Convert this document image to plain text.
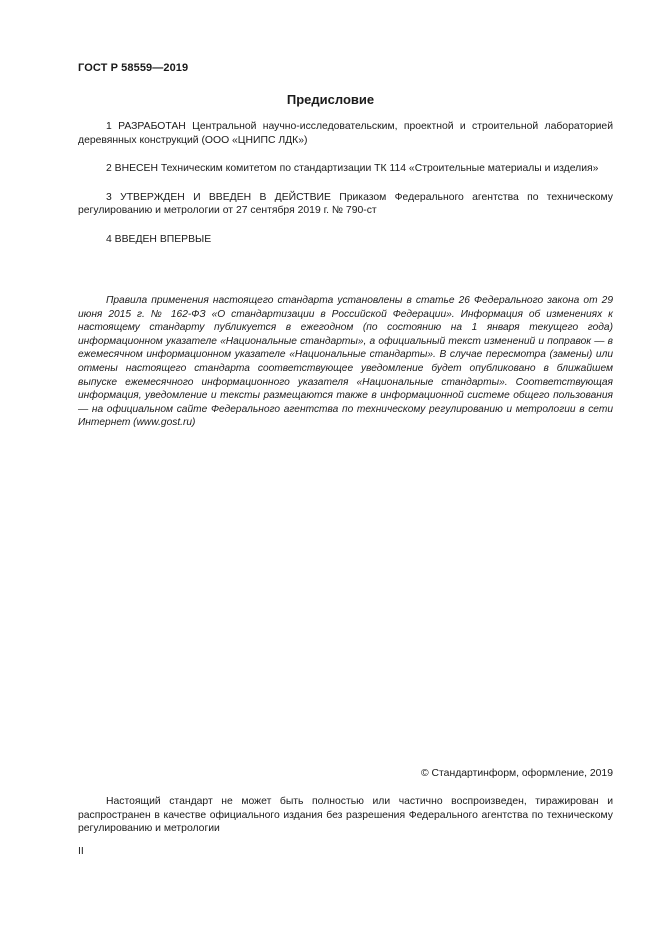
ГОСТ Р 58559—2019
Предисловие

1 РАЗРАБОТАН Центральной научно-исследовательским, проектной и строительной лабораторией деревянных конструкций (ООО «ЦНИПС ЛДК»)

2 ВНЕСЕН Техническим комитетом по стандартизации ТК 114 «Строительные материалы и изделия»

3 УТВЕРЖДЕН И ВВЕДЕН В ДЕЙСТВИЕ Приказом Федерального агентства по техническому регулированию и метрологии от 27 сентября 2019 г. № 790-ст

4 ВВЕДЕН ВПЕРВЫЕ

Правила применения настоящего стандарта установлены в статье 26 Федерального закона от 29 июня 2015 г. № 162-ФЗ «О стандартизации в Российской Федерации». Информация об изменениях к настоящему стандарту публикуется в ежегодном (по состоянию на 1 января текущего года) информационном указателе «Национальные стандарты», а официальный текст изменений и поправок — в ежемесячном информационном указателе «Национальные стандарты». В случае пересмотра (замены) или отмены настоящего стандарта соответствующее уведомление будет опубликовано в ближайшем выпуске ежемесячного информационного указателя «Национальные стандарты». Соответствующая информация, уведомление и тексты размещаются также в информационной системе общего пользования — на официальном сайте Федерального агентства по техническому регулированию и метрологии в сети Интернет (www.gost.ru)

© Стандартинформ, оформление, 2019

Настоящий стандарт не может быть полностью или частично воспроизведен, тиражирован и распространен в качестве официального издания без разрешения Федерального агентства по техническому регулированию и метрологии

II
